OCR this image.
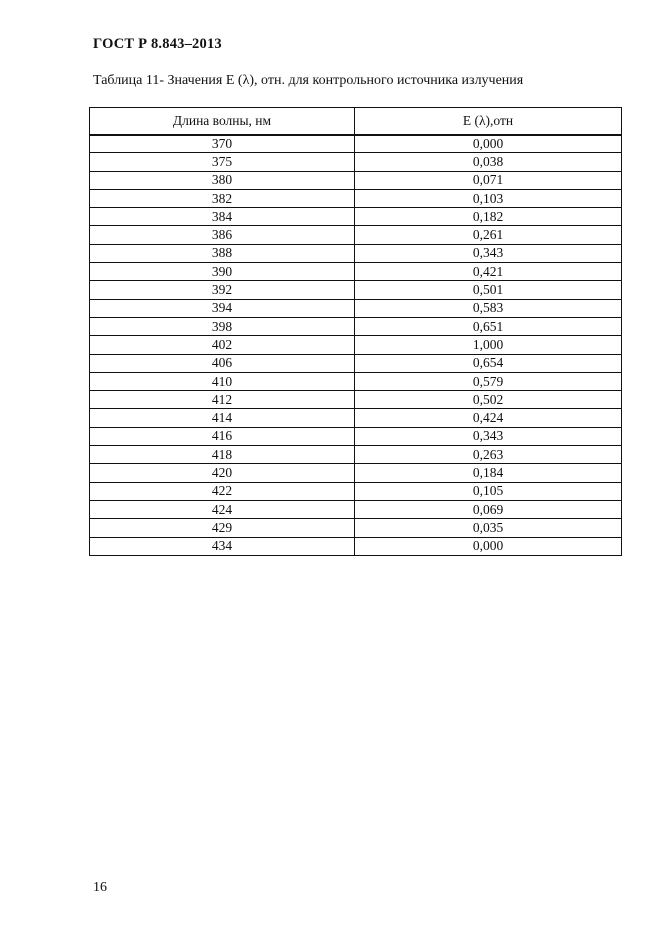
ГОСТ Р 8.843–2013
Таблица 11- Значения E (λ), отн. для контрольного источника излучения
Длина волны, нм	E (λ),отн
370	0,000
375	0,038
380	0,071
382	0,103
384	0,182
386	0,261
388	0,343
390	0,421
392	0,501
394	0,583
398	0,651
402	1,000
406	0,654
410	0,579
412	0,502
414	0,424
416	0,343
418	0,263
420	0,184
422	0,105
424	0,069
429	0,035
434	0,000
16
